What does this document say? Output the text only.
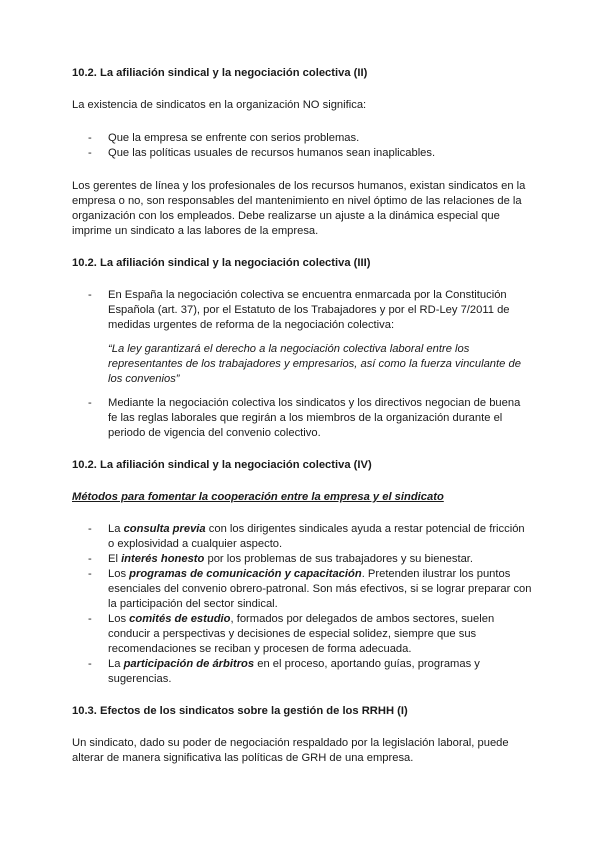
10.2. La afiliación sindical y la negociación colectiva (II)

La existencia de sindicatos en la organización NO significa:

- Que la empresa se enfrente con serios problemas.
- Que las políticas usuales de recursos humanos sean inaplicables.

Los gerentes de línea y los profesionales de los recursos humanos, existan sindicatos en la empresa o no, son responsables del mantenimiento en nivel óptimo de las relaciones de la organización con los empleados. Debe realizarse un ajuste a la dinámica especial que imprime un sindicato a las labores de la empresa.

10.2. La afiliación sindical y la negociación colectiva (III)
- En España la negociación colectiva se encuentra enmarcada por la Constitución Española (art. 37), por el Estatuto de los Trabajadores y por el RD-Ley 7/2011 de medidas urgentes de reforma de la negociación colectiva:

“La ley garantizará el derecho a la negociación colectiva laboral entre los representantes de los trabajadores y empresarios, así como la fuerza vinculante de los convenios”

- Mediante la negociación colectiva los sindicatos y los directivos negocian de buena fe las reglas laborales que regirán a los miembros de la organización durante el periodo de vigencia del convenio colectivo.
10.2. La afiliación sindical y la negociación colectiva (IV)

Métodos para fomentar la cooperación entre la empresa y el sindicato

- La consulta previa con los dirigentes sindicales ayuda a restar potencial de fricción o explosividad a cualquier aspecto.
- El interés honesto por los problemas de sus trabajadores y su bienestar.
- Los programas de comunicación y capacitación. Pretenden ilustrar los puntos esenciales del convenio obrero-patronal. Son más efectivos, si se lograr preparar con la participación del sector sindical.
- Los comités de estudio, formados por delegados de ambos sectores, suelen conducir a perspectivas y decisiones de especial solidez, siempre que sus recomendaciones se reciban y procesen de forma adecuada.
- La participación de árbitros en el proceso, aportando guías, programas y sugerencias.
10.3. Efectos de los sindicatos sobre la gestión de los RRHH (I)

Un sindicato, dado su poder de negociación respaldado por la legislación laboral, puede alterar de manera significativa las políticas de GRH de una empresa.
